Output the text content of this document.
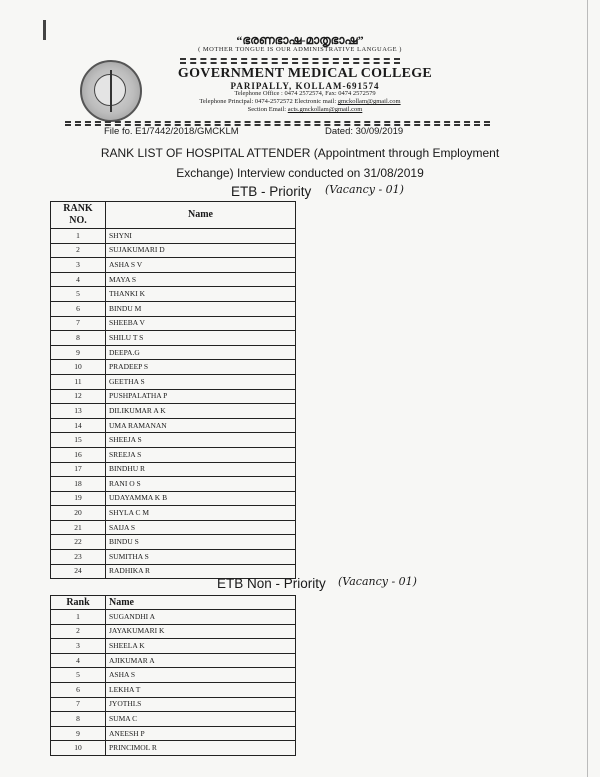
“ഭരണഭാഷ-മാതൃഭാഷ”
( MOTHER TONGUE IS OUR ADMINISTRATIVE LANGUAGE )
GOVERNMENT MEDICAL COLLEGE
PARIPALLY, KOLLAM-691574
Telephone Office : 0474 2572574, Fax: 0474 2572579
Telephone Principal: 0474-2572572 Electronic mail: gmckollam@gmail.com
Section Email: acts.gmckollam@gmail.com
File fo. E1/7442/2018/GMCKLM	Dated: 30/09/2019
RANK LIST OF HOSPITAL ATTENDER (Appointment through Employment
Exchange) Interview conducted on 31/08/2019
ETB - Priority (Vacancy - 01)
RANK NO.	Name
1	SHYNI
2	SUJAKUMARI D
3	ASHA S V
4	MAYA S
5	THANKI K
6	BINDU M
7	SHEEBA V
8	SHILU T S
9	DEEPA.G
10	PRADEEP S
11	GEETHA S
12	PUSHPALATHA P
13	DILIKUMAR A K
14	UMA RAMANAN
15	SHEEJA S
16	SREEJA S
17	BINDHU R
18	RANI O S
19	UDAYAMMA K B
20	SHYLA C M
21	SAIJA S
22	BINDU S
23	SUMITHA S
24	RADHIKA R
ETB Non - Priority (Vacancy - 01)
Rank	Name
1	SUGANDHI A
2	JAYAKUMARI K
3	SHEELA K
4	AJIKUMAR A
5	ASHA S
6	LEKHA T
7	JYOTHI.S
8	SUMA C
9	ANEESH P
10	PRINCIMOL R
